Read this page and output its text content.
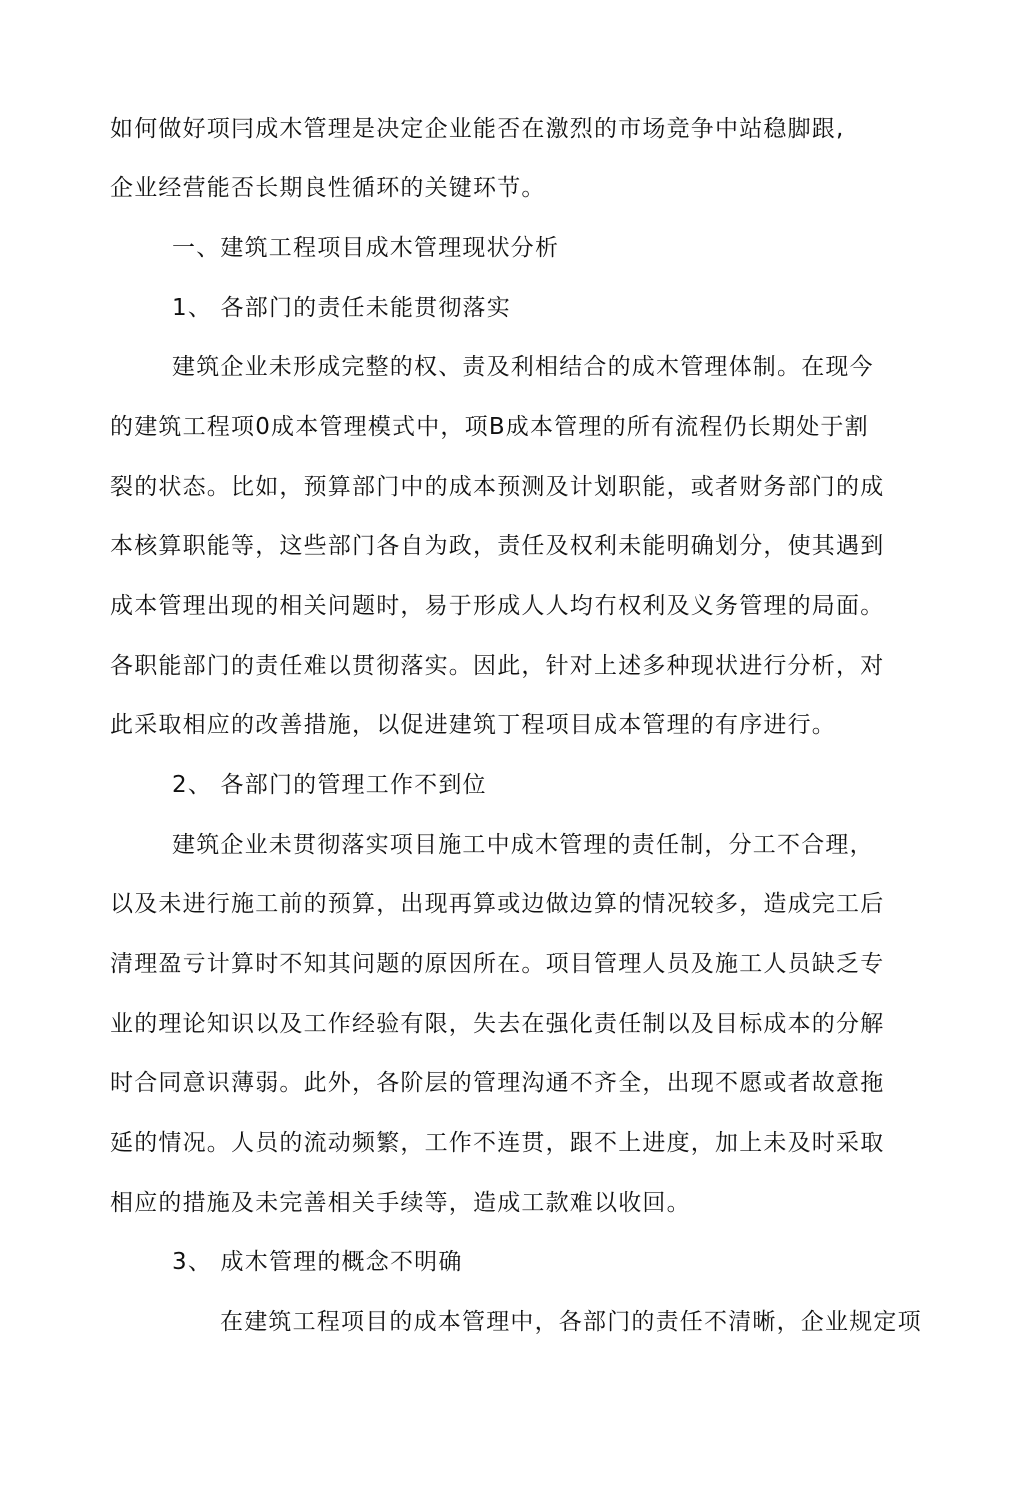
如何做好项冃成木管理是决定企业能否在激烈的市场竞争中站稳脚跟,
企业经营能否长期良性循环的关键环节。
一、建筑工程项目成木管理现状分析
1、 各部门的责任未能贯彻落实
建筑企业未形成完整的权、责及利相结合的成木管理体制。在现今
的建筑工程项0成本管理模式中，项B成本管理的所有流程仍长期处于割
裂的状态。比如，预算部门中的成本预测及计划职能，或者财务部门的成
本核算职能等，这些部门各自为政，责任及权利未能明确划分，使其遇到
成本管理出现的相关问题时，易于形成人人均冇权利及义务管理的局面。
各职能部门的责任难以贯彻落实。因此，针对上述多种现状进行分析，对
此采取相应的改善措施，以促进建筑丁程项目成本管理的有序进行。
2、 各部门的管理工作不到位
建筑企业未贯彻落实项目施工中成木管理的责任制，分工不合理，
以及未进行施工前的预算，出现再算或边做边算的情况较多，造成完工后
清理盈亏计算时不知其问题的原因所在。项目管理人员及施工人员缺乏专
业的理论知识以及工作经验有限，失去在强化责任制以及目标成本的分解
时合同意识薄弱。此外，各阶层的管理沟通不齐全，出现不愿或者故意拖
延的情况。人员的流动频繁，工作不连贯，跟不上进度，加上未及时采取
相应的措施及未完善相关手续等，造成工款难以收回。
3、 成木管理的概念不明确
在建筑工程项目的成本管理中，各部门的责任不清晰，企业规定项
